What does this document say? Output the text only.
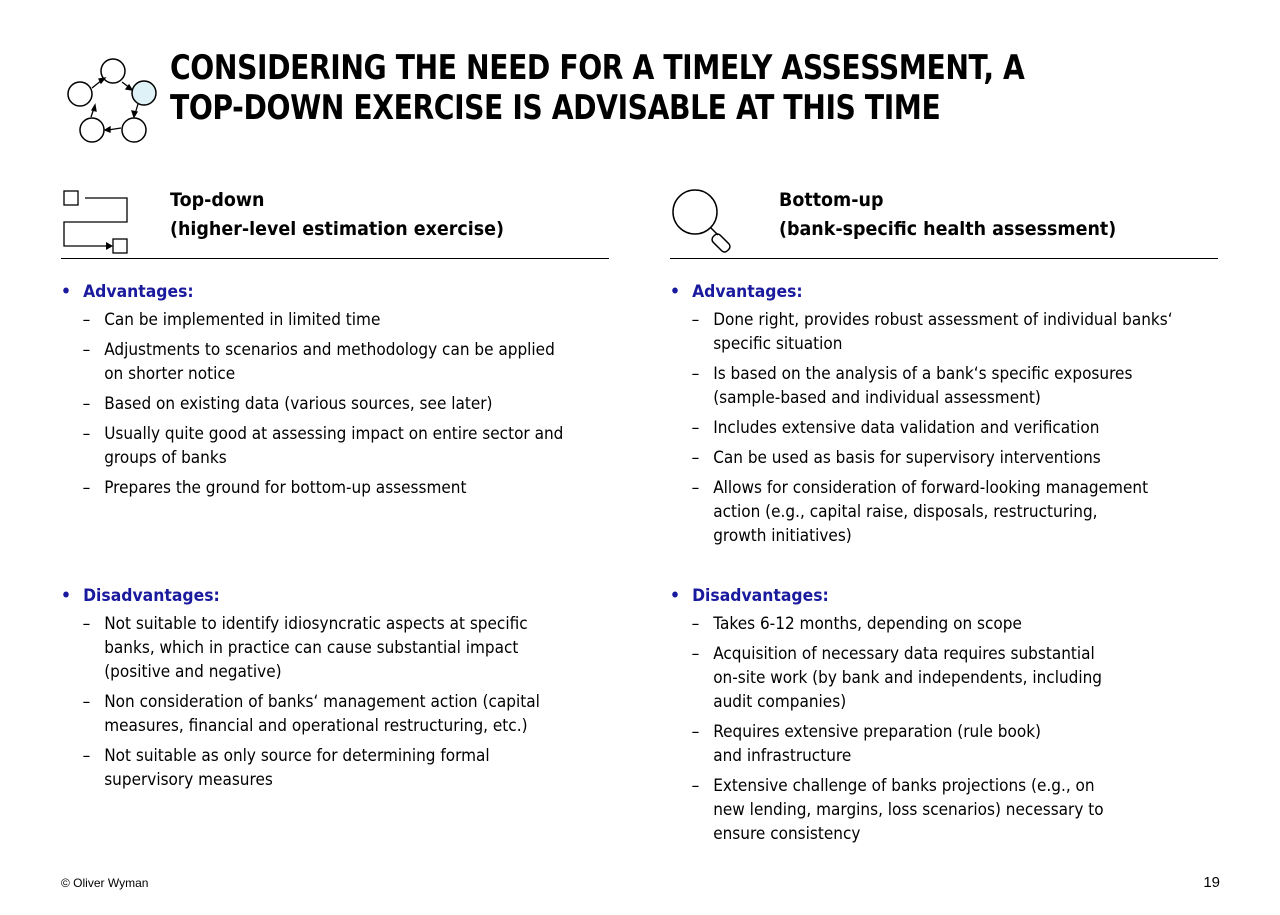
CONSIDERING THE NEED FOR A TIMELY ASSESSMENT, A TOP-DOWN EXERCISE IS ADVISABLE AT THIS TIME
Top-down
(higher-level estimation exercise)
• Advantages:
– Can be implemented in limited time
– Adjustments to scenarios and methodology can be applied
on shorter notice
– Based on existing data (various sources, see later)
– Usually quite good at assessing impact on entire sector and
groups of banks
– Prepares the ground for bottom-up assessment
• Disadvantages:
– Not suitable to identify idiosyncratic aspects at specific
banks, which in practice can cause substantial impact
(positive and negative)
– Non consideration of banks‘ management action (capital
measures, financial and operational restructuring, etc.)
– Not suitable as only source for determining formal
supervisory measures
Bottom-up
(bank-specific health assessment)
• Advantages:
– Done right, provides robust assessment of individual banks‘
specific situation
– Is based on the analysis of a bank‘s specific exposures
(sample-based and individual assessment)
– Includes extensive data validation and verification
– Can be used as basis for supervisory interventions
– Allows for consideration of forward-looking management
action (e.g., capital raise, disposals, restructuring,
growth initiatives)
• Disadvantages:
– Takes 6-12 months, depending on scope
– Acquisition of necessary data requires substantial
on-site work (by bank and independents, including
audit companies)
– Requires extensive preparation (rule book)
and infrastructure
– Extensive challenge of banks projections (e.g., on
new lending, margins, loss scenarios) necessary to
ensure consistency
© Oliver Wyman	19
